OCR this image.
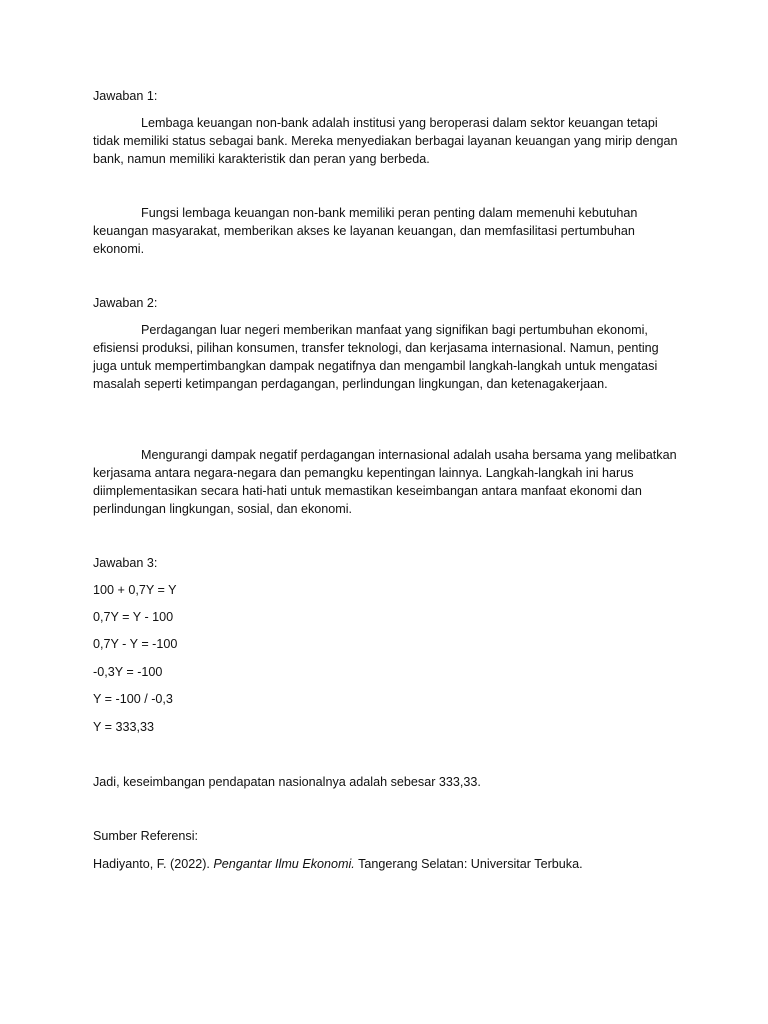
Jawaban 1:

Lembaga keuangan non-bank adalah institusi yang beroperasi dalam sektor keuangan tetapi tidak memiliki status sebagai bank. Mereka menyediakan berbagai layanan keuangan yang mirip dengan bank, namun memiliki karakteristik dan peran yang berbeda.

Fungsi lembaga keuangan non-bank memiliki peran penting dalam memenuhi kebutuhan keuangan masyarakat, memberikan akses ke layanan keuangan, dan memfasilitasi pertumbuhan ekonomi.

Jawaban 2:

Perdagangan luar negeri memberikan manfaat yang signifikan bagi pertumbuhan ekonomi, efisiensi produksi, pilihan konsumen, transfer teknologi, dan kerjasama internasional. Namun, penting juga untuk mempertimbangkan dampak negatifnya dan mengambil langkah-langkah untuk mengatasi masalah seperti ketimpangan perdagangan, perlindungan lingkungan, dan ketenagakerjaan.

Mengurangi dampak negatif perdagangan internasional adalah usaha bersama yang melibatkan kerjasama antara negara-negara dan pemangku kepentingan lainnya. Langkah-langkah ini harus diimplementasikan secara hati-hati untuk memastikan keseimbangan antara manfaat ekonomi dan perlindungan lingkungan, sosial, dan ekonomi.

Jawaban 3:

100 + 0,7Y = Y

0,7Y = Y - 100

0,7Y - Y = -100

-0,3Y = -100

Y = -100 / -0,3

Y = 333,33

Jadi, keseimbangan pendapatan nasionalnya adalah sebesar 333,33.

Sumber Referensi:

Hadiyanto, F. (2022). Pengantar Ilmu Ekonomi. Tangerang Selatan: Universitar Terbuka.
